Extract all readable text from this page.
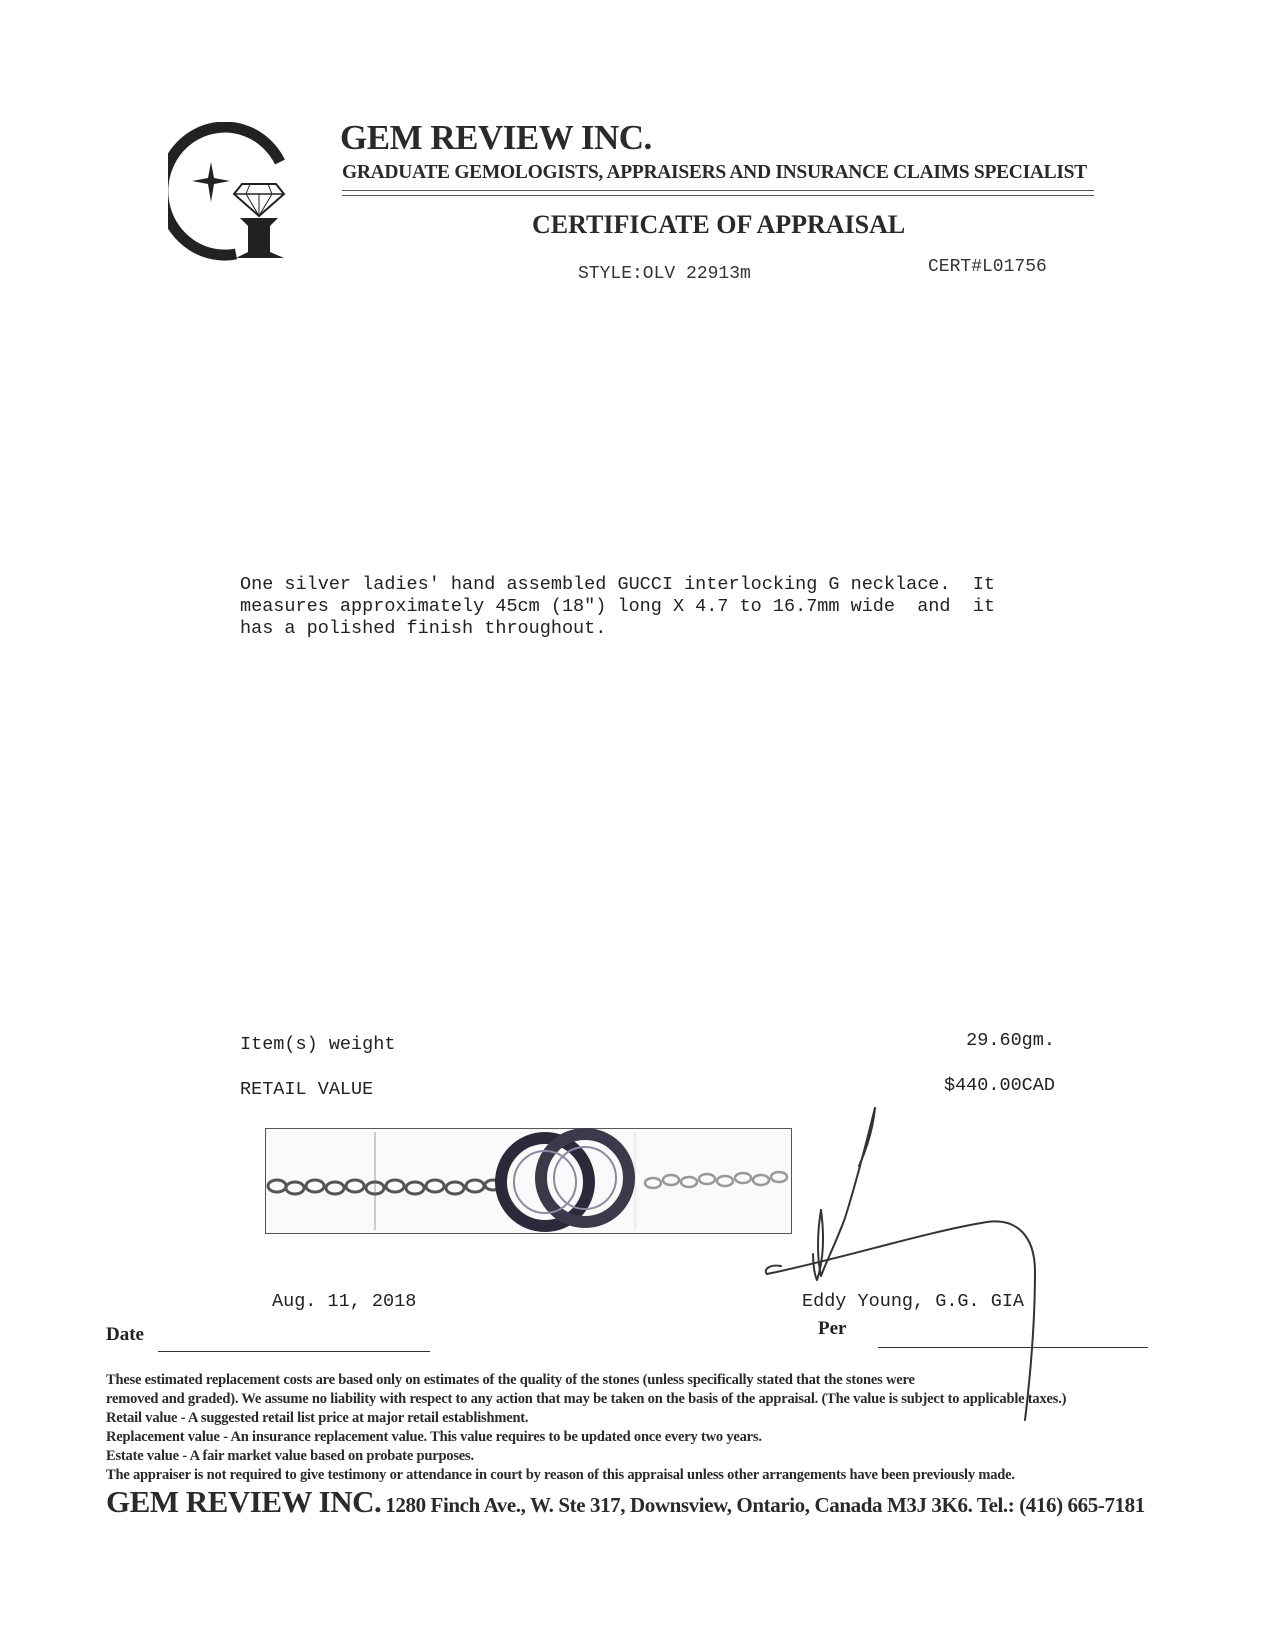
GEM REVIEW INC.
GRADUATE GEMOLOGISTS, APPRAISERS AND INSURANCE CLAIMS SPECIALIST
CERTIFICATE OF APPRAISAL
STYLE:OLV 22913m	CERT#L01756
One silver ladies' hand assembled GUCCI interlocking G necklace.  It
measures approximately 45cm (18") long X 4.7 to 16.7mm wide  and  it
has a polished finish throughout.
Item(s) weight	29.60gm.
RETAIL VALUE	$440.00CAD
Aug. 11, 2018	Eddy Young, G.G. GIA
Date	Per
These estimated replacement costs are based only on estimates of the quality of the stones (unless specifically stated that the stones were
removed and graded). We assume no liability with respect to any action that may be taken on the basis of the appraisal. (The value is subject to applicable taxes.)
Retail value - A suggested retail list price at major retail establishment.
Replacement value - An insurance replacement value. This value requires to be updated once every two years.
Estate value - A fair market value based on probate purposes.
The appraiser is not required to give testimony or attendance in court by reason of this appraisal unless other arrangements have been previously made.
GEM REVIEW INC. 1280 Finch Ave., W. Ste 317, Downsview, Ontario, Canada M3J 3K6. Tel.: (416) 665-7181
